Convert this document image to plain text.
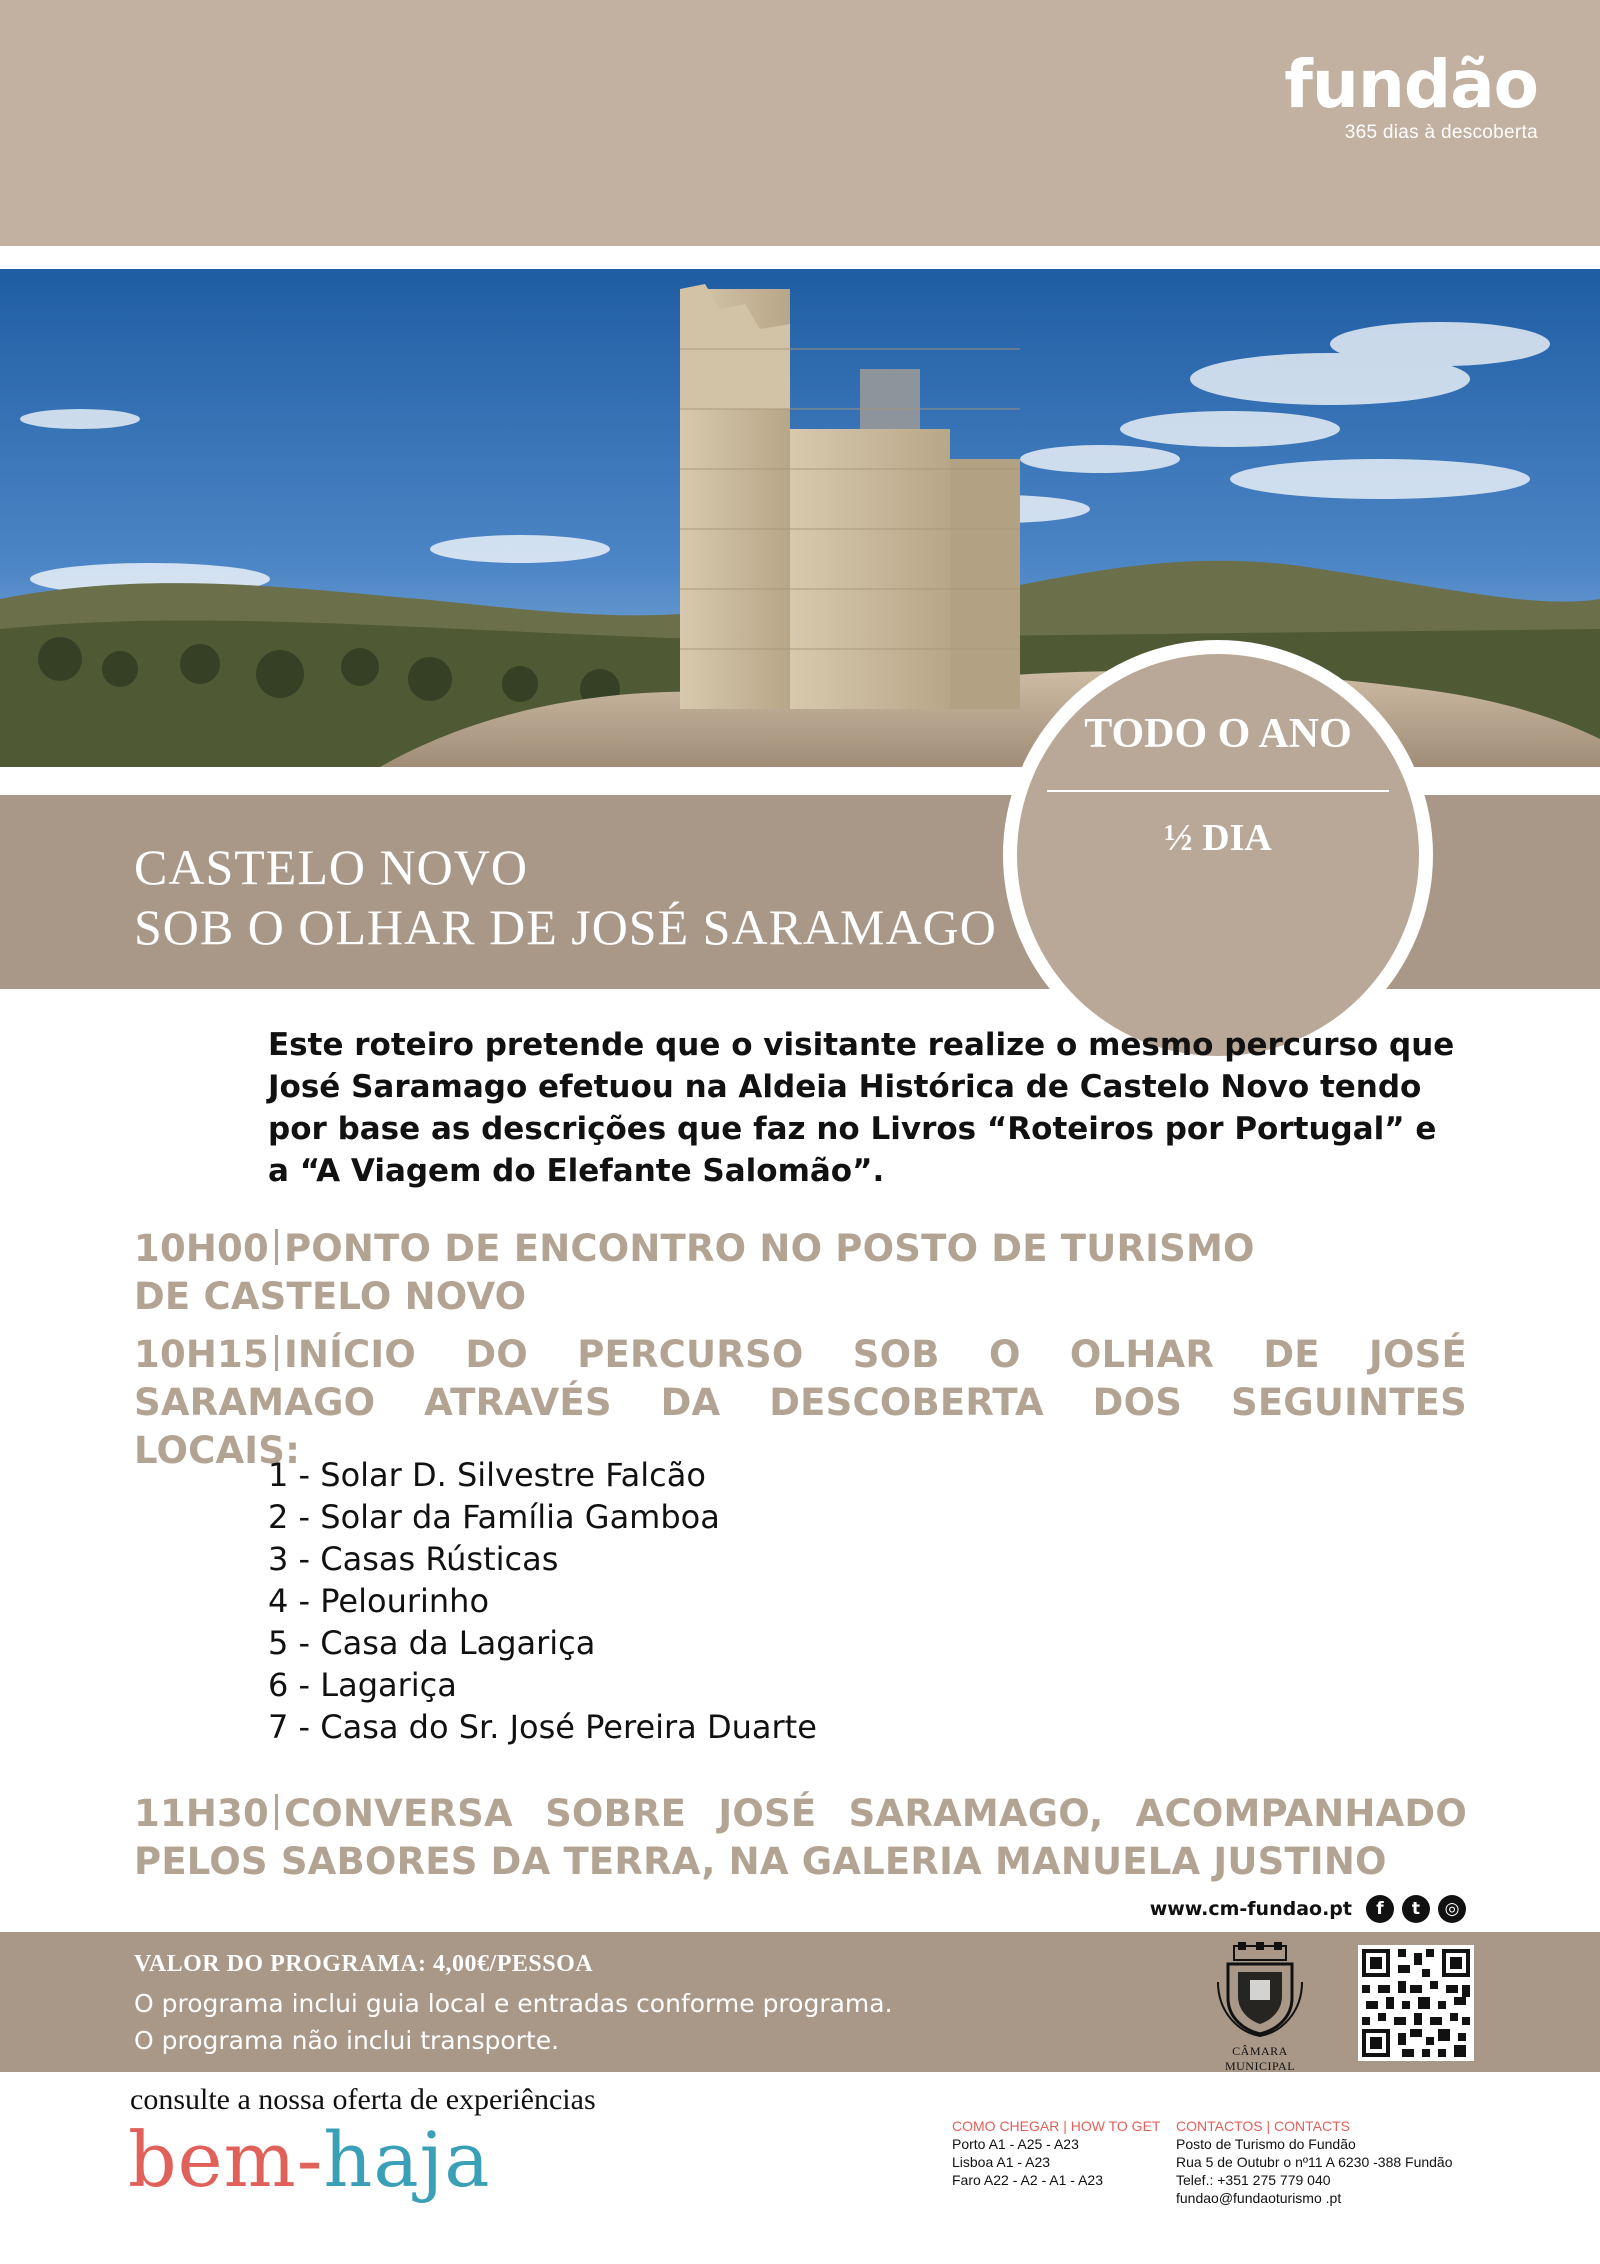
fundão
365 dias à descoberta
CASTELO NOVO
SOB O OLHAR DE JOSÉ SARAMAGO
TODO O ANO
½ DIA
Este roteiro pretende que o visitante realize o mesmo percurso que José Saramago efetuou na Aldeia Histórica de Castelo Novo tendo por base as descrições que faz no Livros “Roteiros por Portugal” e a “A Viagem do Elefante Salomão”.
10H00 PONTO DE ENCONTRO NO POSTO DE TURISMO
DE CASTELO NOVO
10H15 INÍCIO DO PERCURSO SOB O OLHAR DE JOSÉ SARAMAGO ATRAVÉS DA DESCOBERTA DOS SEGUINTES LOCAIS:
1 - Solar D. Silvestre Falcão
2 - Solar da Família Gamboa
3 - Casas Rústicas
4 - Pelourinho
5 - Casa da Lagariça
6 - Lagariça
7 - Casa do Sr. José Pereira Duarte
11H30 CONVERSA SOBRE JOSÉ SARAMAGO, ACOMPANHADO PELOS SABORES DA TERRA, NA GALERIA MANUELA JUSTINO
www.cm-fundao.pt	f	t	◎
VALOR DO PROGRAMA: 4,00€/PESSOA
O programa inclui guia local e entradas conforme programa.
O programa não inclui transporte.	CÂMARA MUNICIPAL
consulte a nossa oferta de experiências
bem-haja	COMO CHEGAR | HOW TO GET
Porto A1 - A25 - A23
Lisboa A1 - A23
Faro A22 - A2 - A1 - A23
CONTACTOS | CONTACTS
Posto de Turismo do Fundão
Rua 5 de Outubr o nº11 A 6230 -388 Fundão
Telef.: +351 275 779 040
fundao@fundaoturismo .pt
